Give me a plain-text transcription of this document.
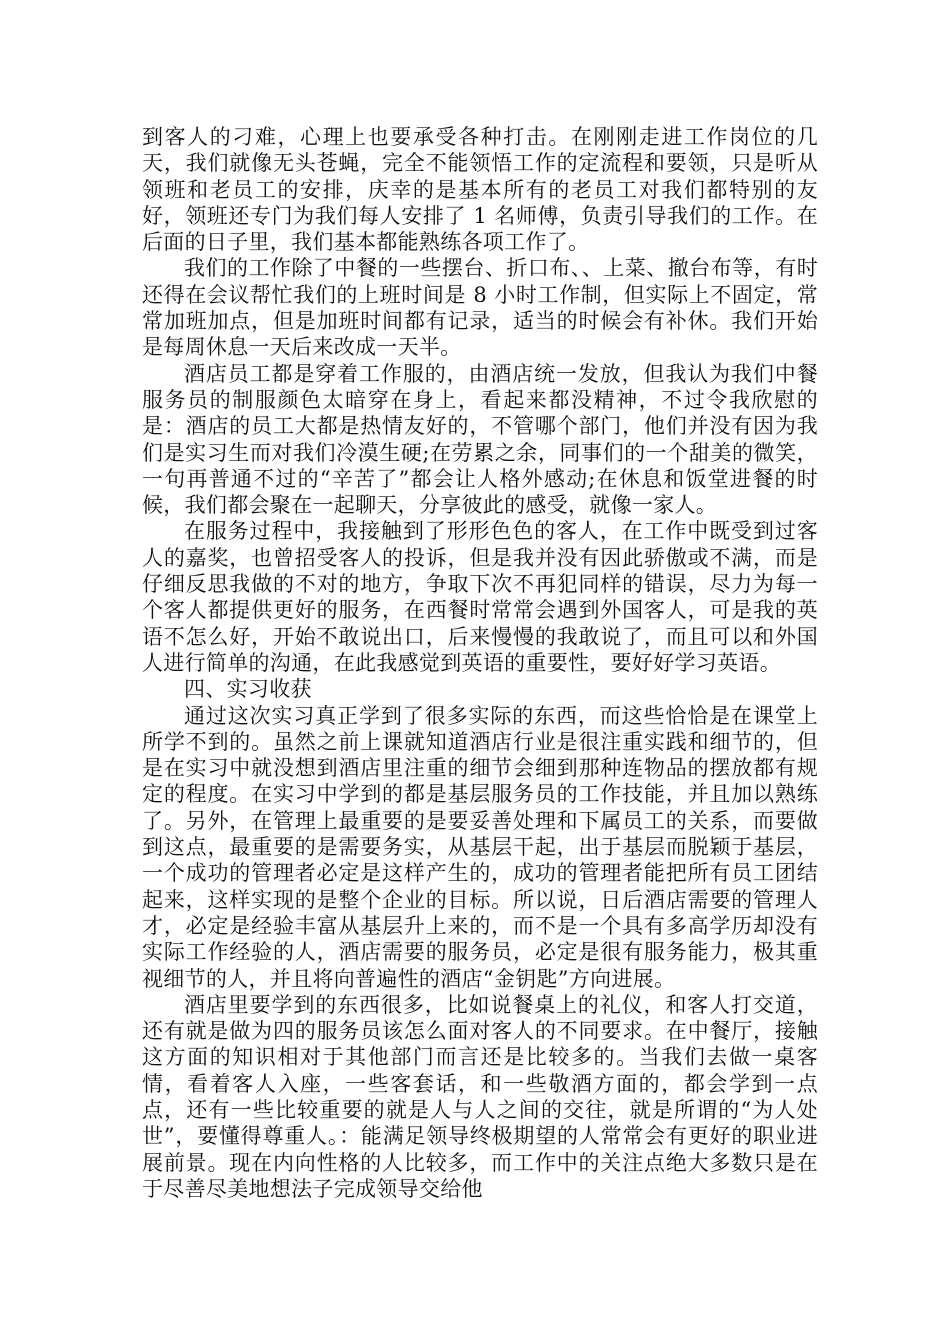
到客人的刁难，心理上也要承受各种打击。在刚刚走进工作岗位的几天，我们就像无头苍蝇，完全不能领悟工作的定流程和要领，只是听从领班和老员工的安排，庆幸的是基本所有的老员工对我们都特别的友好，领班还专门为我们每人安排了 1 名师傅，负责引导我们的工作。在后面的日子里，我们基本都能熟练各项工作了。

我们的工作除了中餐的一些摆台、折口布、、上菜、撤台布等，有时还得在会议帮忙我们的上班时间是 8 小时工作制，但实际上不固定，常常加班加点，但是加班时间都有记录，适当的时候会有补休。我们开始是每周休息一天后来改成一天半。

酒店员工都是穿着工作服的，由酒店统一发放，但我认为我们中餐服务员的制服颜色太暗穿在身上，看起来都没精神，不过令我欣慰的是：酒店的员工大都是热情友好的，不管哪个部门，他们并没有因为我们是实习生而对我们冷漠生硬;在劳累之余，同事们的一个甜美的微笑，一句再普通不过的“辛苦了”都会让人格外感动;在休息和饭堂进餐的时候，我们都会聚在一起聊天，分享彼此的感受，就像一家人。

在服务过程中，我接触到了形形色色的客人，在工作中既受到过客人的嘉奖，也曾招受客人的投诉，但是我并没有因此骄傲或不满，而是仔细反思我做的不对的地方，争取下次不再犯同样的错误，尽力为每一个客人都提供更好的服务，在西餐时常常会遇到外国客人，可是我的英语不怎么好，开始不敢说出口，后来慢慢的我敢说了，而且可以和外国人进行简单的沟通，在此我感觉到英语的重要性，要好好学习英语。

四、实习收获

通过这次实习真正学到了很多实际的东西，而这些恰恰是在课堂上所学不到的。虽然之前上课就知道酒店行业是很注重实践和细节的，但是在实习中就没想到酒店里注重的细节会细到那种连物品的摆放都有规定的程度。在实习中学到的都是基层服务员的工作技能，并且加以熟练了。另外，在管理上最重要的是要妥善处理和下属员工的关系，而要做到这点，最重要的是需要务实，从基层干起，出于基层而脱颖于基层，一个成功的管理者必定是这样产生的，成功的管理者能把所有员工团结起来，这样实现的是整个企业的目标。所以说，日后酒店需要的管理人才，必定是经验丰富从基层升上来的，而不是一个具有多高学历却没有实际工作经验的人，酒店需要的服务员，必定是很有服务能力，极其重视细节的人，并且将向普遍性的酒店“金钥匙”方向进展。

酒店里要学到的东西很多，比如说餐桌上的礼仪，和客人打交道，还有就是做为四的服务员该怎么面对客人的不同要求。在中餐厅，接触这方面的知识相对于其他部门而言还是比较多的。当我们去做一桌客情，看着客人入座，一些客套话，和一些敬酒方面的，都会学到一点点，还有一些比较重要的就是人与人之间的交往，就是所谓的“为人处世”，要懂得尊重人。：能满足领导终极期望的人常常会有更好的职业进展前景。现在内向性格的人比较多，而工作中的关注点绝大多数只是在于尽善尽美地想法子完成领导交给他
